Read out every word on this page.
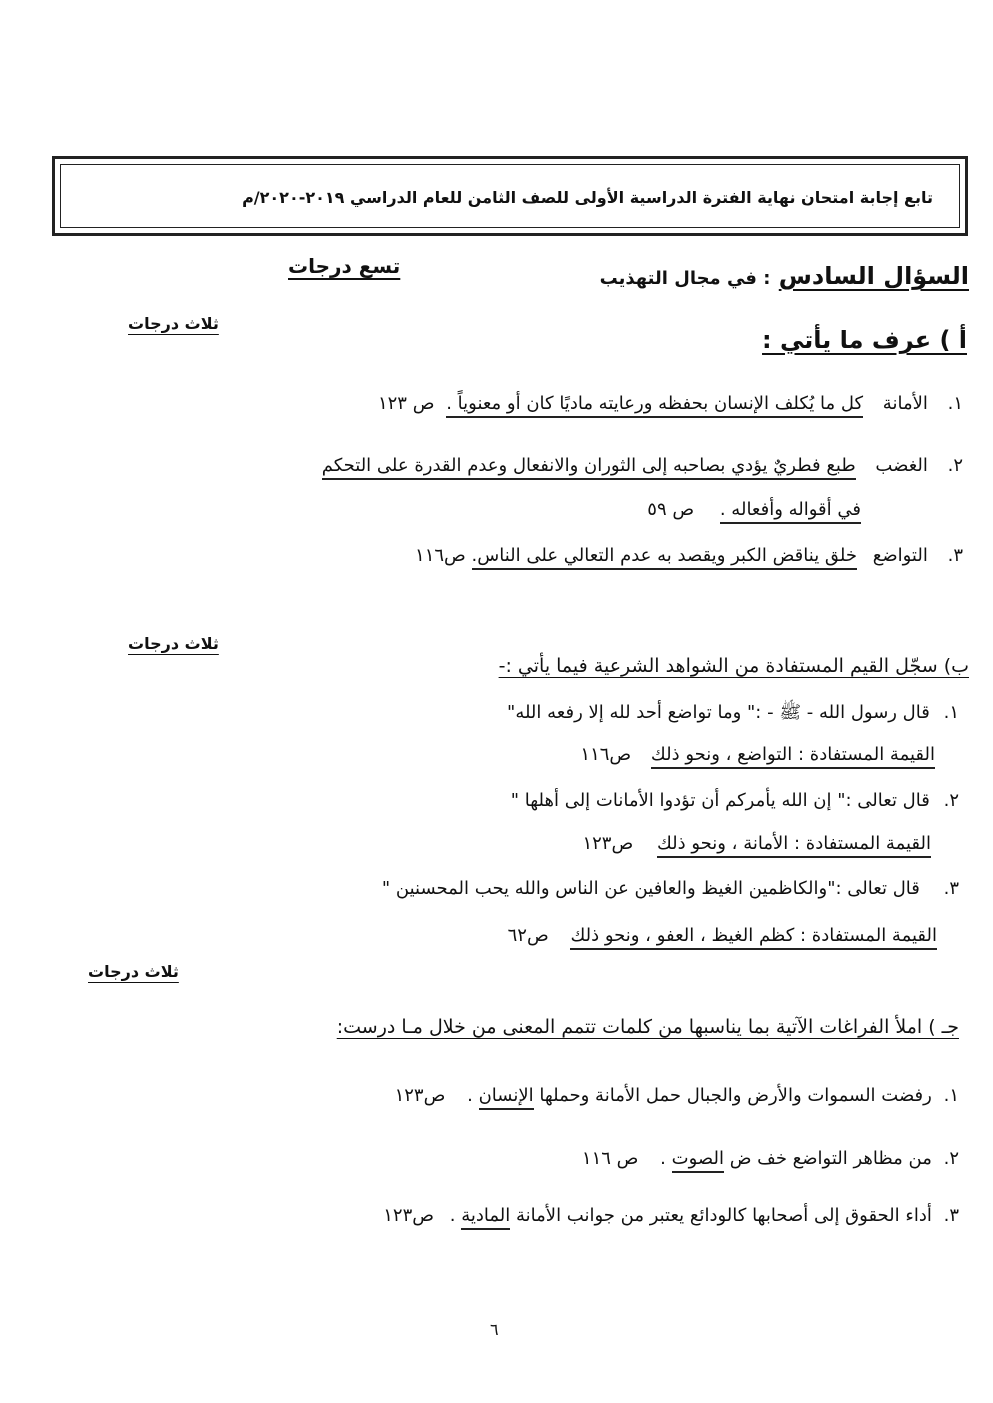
تابع إجابة امتحان نهاية الفترة الدراسية الأولى للصف الثامن للعام الدراسي ٢٠١٩-٢٠٢٠/م
السؤال السادس : في مجال التهذيب
تسع درجات
ثلاث درجات
أ ) عرف ما يأتي :
١. الأمانة كل ما يُكلف الإنسان بحفظه ورعايته ماديًا كان أو معنوياً . ص ١٢٣
٢. الغضب طبع فطريٌ يؤدي بصاحبه إلى الثوران والانفعال وعدم القدرة على التحكم
في أقواله وأفعاله . ص ٥٩
٣. التواضع خلق يناقض الكبر ويقصد به عدم التعالي على الناس. ص١١٦
ثلاث درجات
ب) سجّل القيم المستفادة من الشواهد الشرعية فيما يأتي :-
١. قال رسول الله - ﷺ - :" وما تواضع أحد لله إلا رفعه الله"
القيمة المستفادة : التواضع ، ونحو ذلك ص١١٦
٢. قال تعالى :" إن الله يأمركم أن تؤدوا الأمانات إلى أهلها "
القيمة المستفادة : الأمانة ، ونحو ذلك ص١٢٣
٣. قال تعالى :"والكاظمين الغيظ والعافين عن الناس والله يحب المحسنين "
القيمة المستفادة : كظم الغيظ ، العفو ، ونحو ذلك ص٦٢
ثلاث درجات
جـ ) املأ الفراغات الآتية بما يناسبها من كلمات تتمم المعنى من خلال مـا درست:
١. رفضت السموات والأرض والجبال حمل الأمانة وحملها الإنسان . ص١٢٣
٢. من مظاهر التواضع خف ض الصوت . ص ١١٦
٣. أداء الحقوق إلى أصحابها كالودائع يعتبر من جوانب الأمانة المادية . ص١٢٣
٦
